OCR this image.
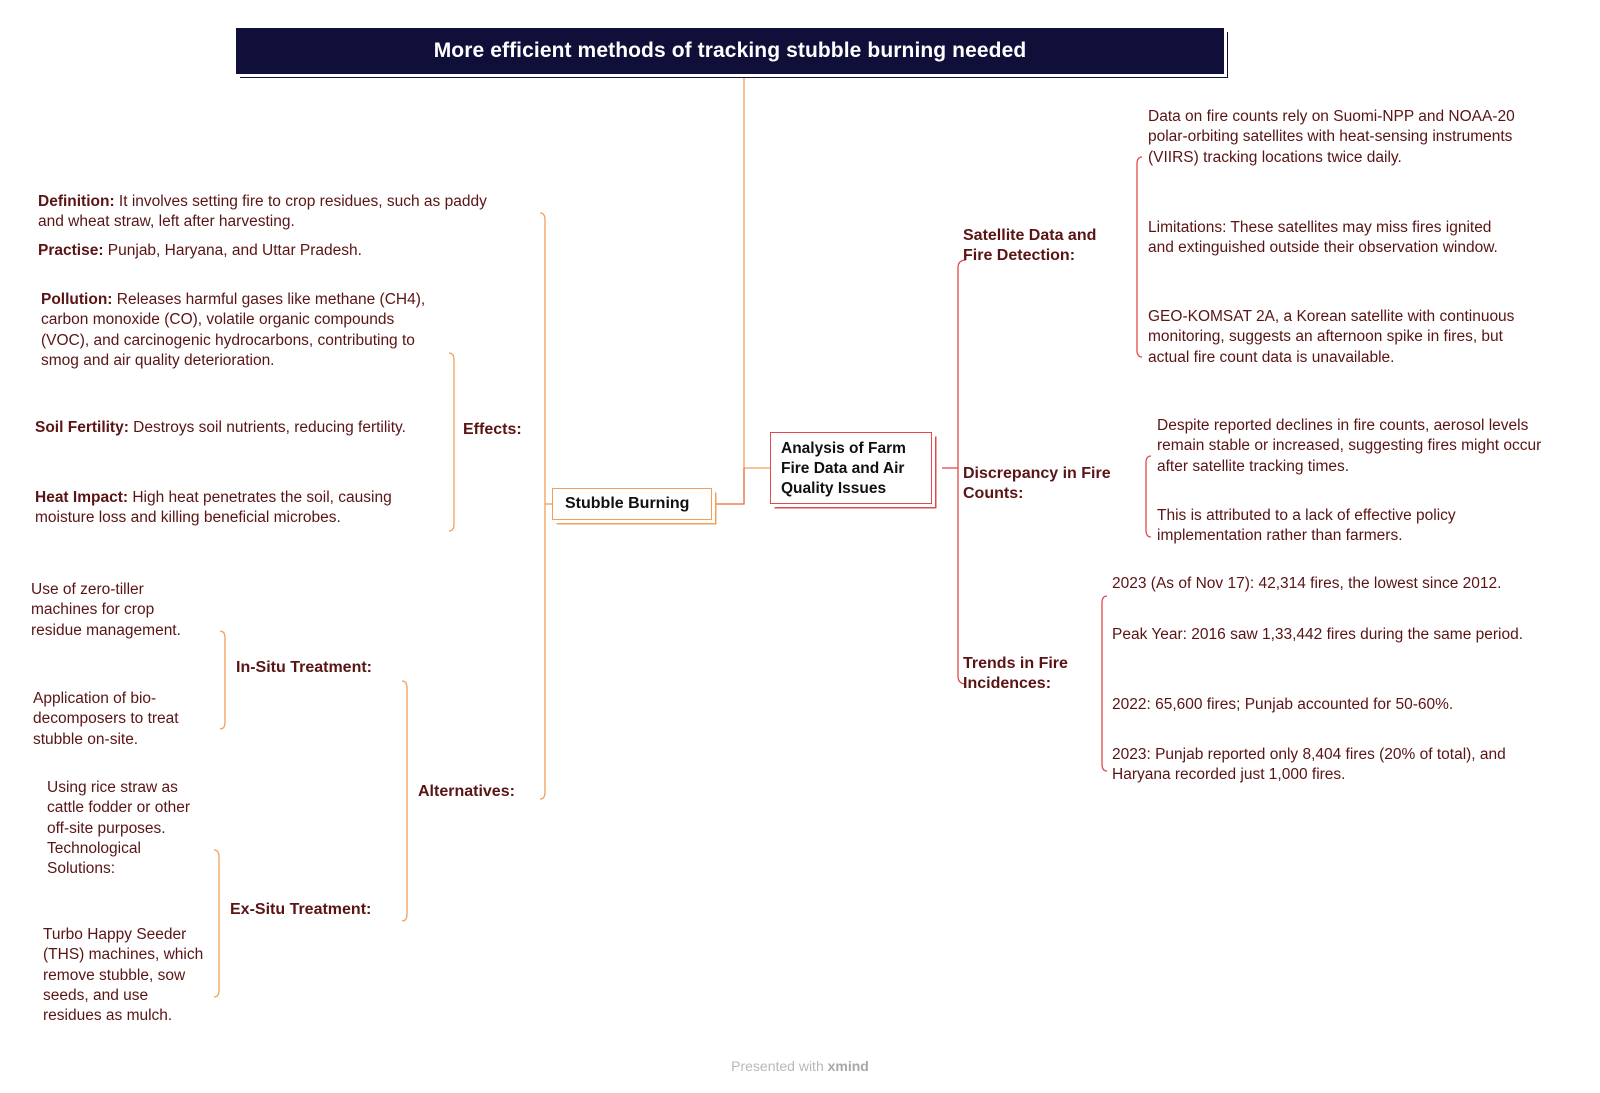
More efficient methods of tracking stubble burning needed
Stubble Burning
Analysis of Farm Fire Data and Air Quality Issues
Definition: It involves setting fire to crop residues, such as paddy and wheat straw, left after harvesting.
Practise: Punjab, Haryana, and Uttar Pradesh.
Pollution: Releases harmful gases like methane (CH4), carbon monoxide (CO), volatile organic compounds (VOC), and carcinogenic hydrocarbons, contributing to smog and air quality deterioration.
Soil Fertility: Destroys soil nutrients, reducing fertility.
Heat Impact: High heat penetrates the soil, causing moisture loss and killing beneficial microbes.
Effects:
Use of zero-tiller machines for crop residue management.
Application of bio-decomposers to treat stubble on-site.
In-Situ Treatment:
Using rice straw as cattle fodder or other off-site purposes. Technological Solutions:
Turbo Happy Seeder (THS) machines, which remove stubble, sow seeds, and use residues as mulch.
Ex-Situ Treatment:
Alternatives:
Satellite Data and Fire Detection:
Data on fire counts rely on Suomi-NPP and NOAA-20 polar-orbiting satellites with heat-sensing instruments (VIIRS) tracking locations twice daily.
Limitations: These satellites may miss fires ignited and extinguished outside their observation window.
GEO-KOMSAT 2A, a Korean satellite with continuous monitoring, suggests an afternoon spike in fires, but actual fire count data is unavailable.
Discrepancy in Fire Counts:
Despite reported declines in fire counts, aerosol levels remain stable or increased, suggesting fires might occur after satellite tracking times.
This is attributed to a lack of effective policy implementation rather than farmers.
Trends in Fire Incidences:
2023 (As of Nov 17): 42,314 fires, the lowest since 2012.
Peak Year: 2016 saw 1,33,442 fires during the same period.
2022: 65,600 fires; Punjab accounted for 50-60%.
2023: Punjab reported only 8,404 fires (20% of total), and Haryana recorded just 1,000 fires.
Presented with xmind
